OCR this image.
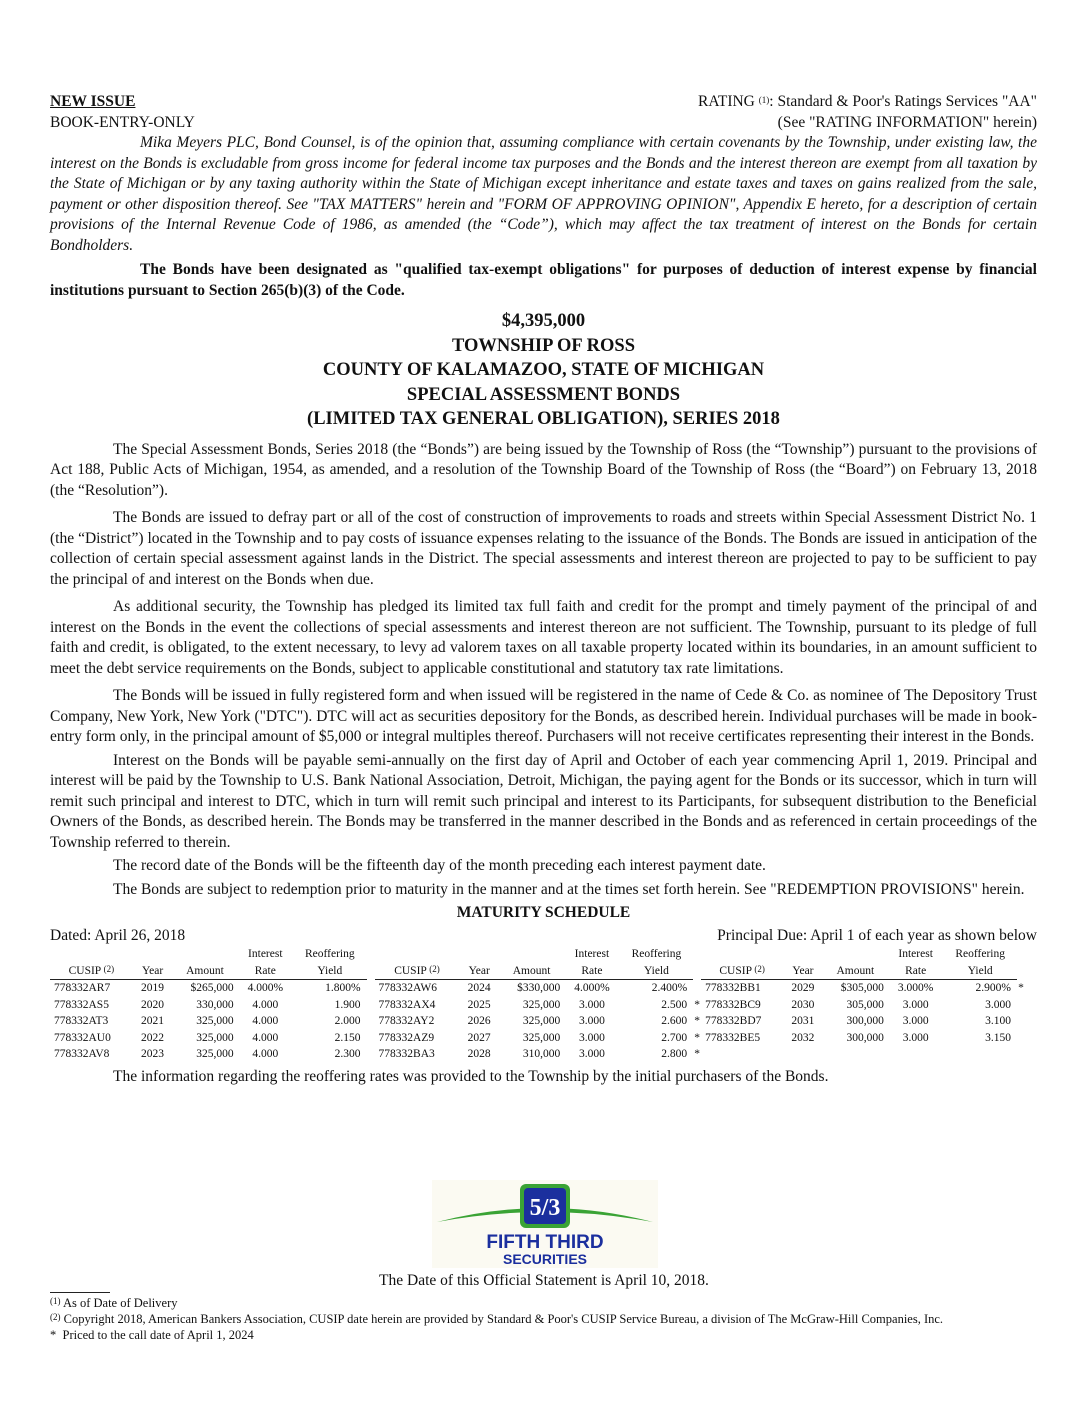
NEW ISSUE
BOOK-ENTRY-ONLY
RATING $^{(1)}$: Standard & Poor's Ratings Services "AA"
(See "RATING INFORMATION" herein)

Mika Meyers PLC, Bond Counsel, is of the opinion that, assuming compliance with certain covenants by the Township, under existing law, the interest on the Bonds is excludable from gross income for federal income tax purposes and the Bonds and the interest thereon are exempt from all taxation by the State of Michigan or by any taxing authority within the State of Michigan except inheritance and estate taxes and taxes on gains realized from the sale, payment or other disposition thereof. See "TAX MATTERS" herein and "FORM OF APPROVING OPINION", Appendix E hereto, for a description of certain provisions of the Internal Revenue Code of 1986, as amended (the “Code”), which may affect the tax treatment of interest on the Bonds for certain Bondholders.

The Bonds have been designated as "qualified tax-exempt obligations" for purposes of deduction of interest expense by financial institutions pursuant to Section 265(b)(3) of the Code.

$4,395,000
TOWNSHIP OF ROSS
COUNTY OF KALAMAZOO, STATE OF MICHIGAN
SPECIAL ASSESSMENT BONDS
(LIMITED TAX GENERAL OBLIGATION), SERIES 2018

The Special Assessment Bonds, Series 2018 (the “Bonds”) are being issued by the Township of Ross (the “Township”) pursuant to the provisions of Act 188, Public Acts of Michigan, 1954, as amended, and a resolution of the Township Board of the Township of Ross (the “Board”) on February 13, 2018 (the “Resolution”).

The Bonds are issued to defray part or all of the cost of construction of improvements to roads and streets within Special Assessment District No. 1 (the “District”) located in the Township and to pay costs of issuance expenses relating to the issuance of the Bonds. The Bonds are issued in anticipation of the collection of certain special assessment against lands in the District. The special assessments and interest thereon are projected to pay to be sufficient to pay the principal of and interest on the Bonds when due.

As additional security, the Township has pledged its limited tax full faith and credit for the prompt and timely payment of the principal of and interest on the Bonds in the event the collections of special assessments and interest thereon are not sufficient. The Township, pursuant to its pledge of full faith and credit, is obligated, to the extent necessary, to levy ad valorem taxes on all taxable property located within its boundaries, in an amount sufficient to meet the debt service requirements on the Bonds, subject to applicable constitutional and statutory tax rate limitations.

The Bonds will be issued in fully registered form and when issued will be registered in the name of Cede & Co. as nominee of The Depository Trust Company, New York, New York ("DTC"). DTC will act as securities depository for the Bonds, as described herein. Individual purchases will be made in book-entry form only, in the principal amount of $5,000 or integral multiples thereof. Purchasers will not receive certificates representing their interest in the Bonds.

Interest on the Bonds will be payable semi-annually on the first day of April and October of each year commencing April 1, 2019. Principal and interest will be paid by the Township to U.S. Bank National Association, Detroit, Michigan, the paying agent for the Bonds or its successor, which in turn will remit such principal and interest to DTC, which in turn will remit such principal and interest to its Participants, for subsequent distribution to the Beneficial Owners of the Bonds, as described herein. The Bonds may be transferred in the manner described in the Bonds and as referenced in certain proceedings of the Township referred to therein.

The record date of the Bonds will be the fifteenth day of the month preceding each interest payment date.

The Bonds are subject to redemption prior to maturity in the manner and at the times set forth herein. See "REDEMPTION PROVISIONS" herein.

MATURITY SCHEDULE
Dated: April 26, 2018	Principal Due: April 1 of each year as shown below
			Interest	Reoffering					Interest	Reoffering					Interest	Reoffering	
CUSIP $^{(2)}$	Year	Amount	Rate	Yield		CUSIP $^{(2)}$	Year	Amount	Rate	Yield		CUSIP $^{(2)}$	Year	Amount	Rate	Yield	
778332AR7	2019	$265,000	4.000%	1.800%		778332AW6	2024	$330,000	4.000%	2.400%		778332BB1	2029	$305,000	3.000%	2.900%	*
778332AS5	2020	330,000	4.000	1.900		778332AX4	2025	325,000	3.000	2.500	*	778332BC9	2030	305,000	3.000	3.000	
778332AT3	2021	325,000	4.000	2.000		778332AY2	2026	325,000	3.000	2.600	*	778332BD7	2031	300,000	3.000	3.100	
778332AU0	2022	325,000	4.000	2.150		778332AZ9	2027	325,000	3.000	2.700	*	778332BE5	2032	300,000	3.000	3.150	
778332AV8	2023	325,000	4.000	2.300		778332BA3	2028	310,000	3.000	2.800	*						
The information regarding the reoffering rates was provided to the Township by the initial purchasers of the Bonds.
5/3
FIFTH THIRD
SECURITIES
The Date of this Official Statement is April 10, 2018.
$^{(1)}$ As of Date of Delivery
$^{(2)}$ Copyright 2018, American Bankers Association, CUSIP date herein are provided by Standard & Poor's CUSIP Service Bureau, a division of The McGraw-Hill Companies, Inc.
* Priced to the call date of April 1, 2024
